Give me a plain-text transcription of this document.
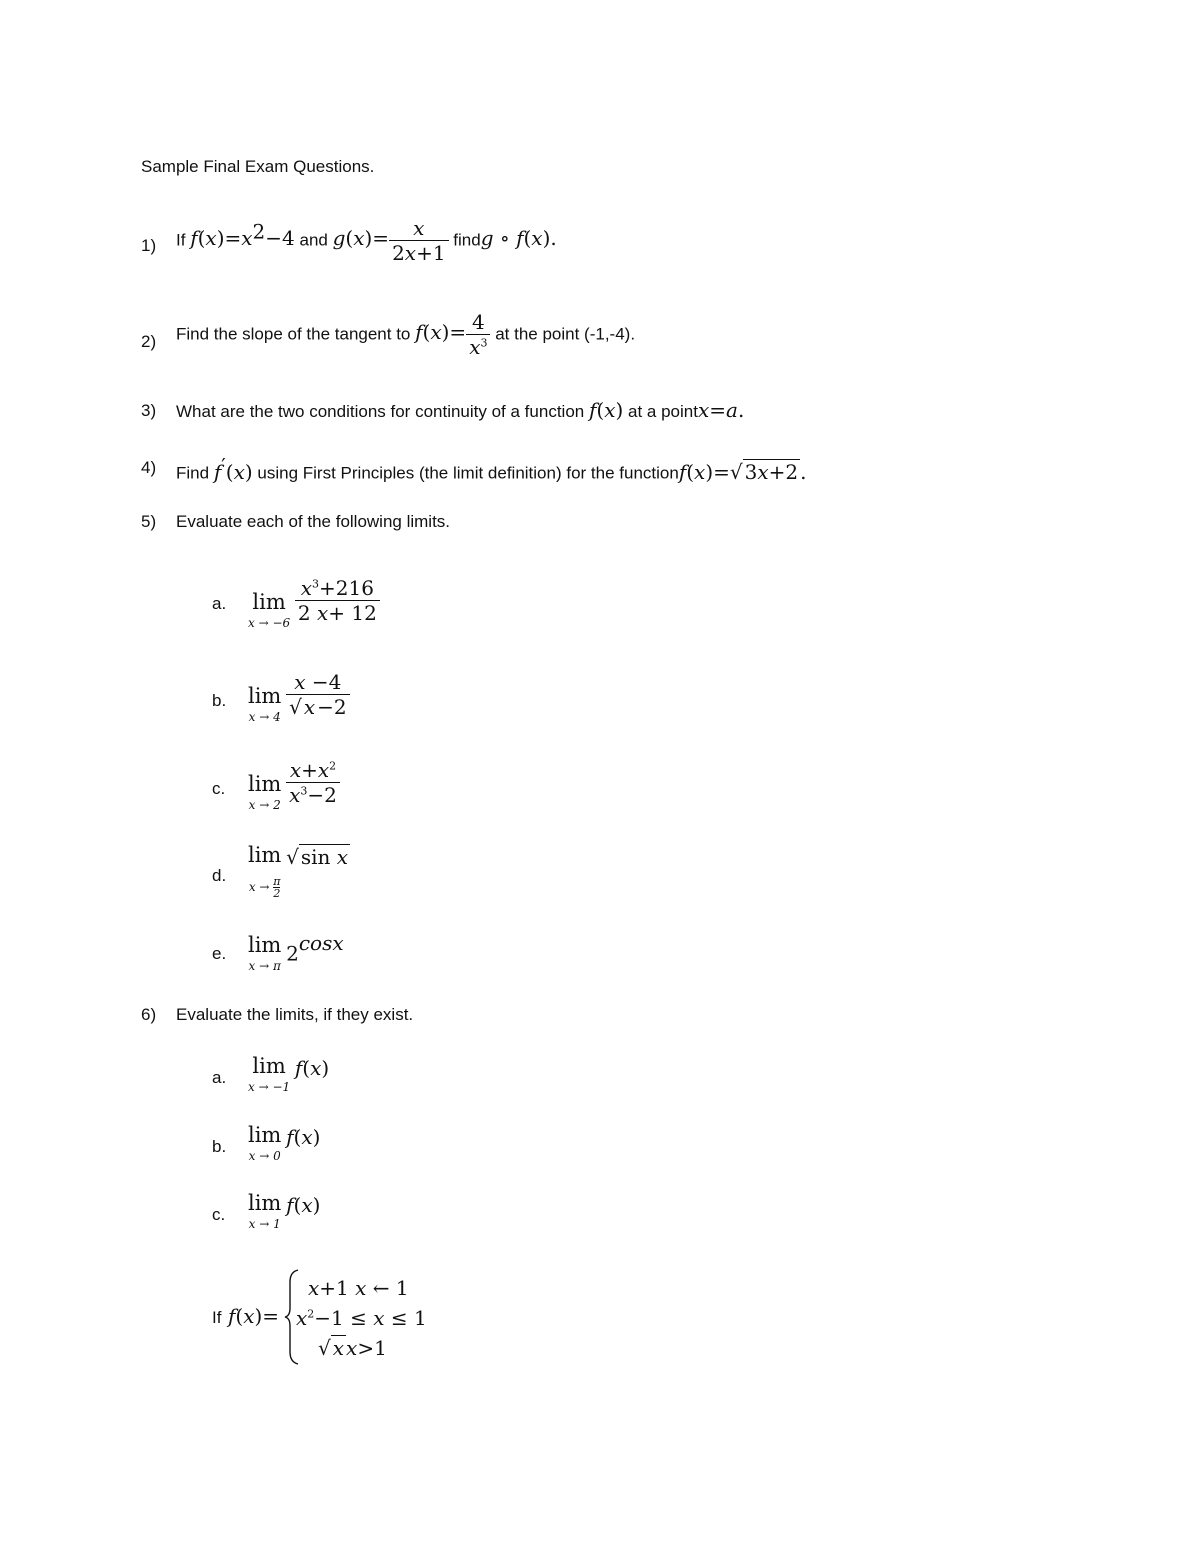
Sample Final Exam Questions.
1) If $f(x)=x^2-4$ and $g(x)= \frac{x}{2x+1}$ findg ∘ f(x).
2) Find the slope of the tangent to $f(x)= \frac{4}{x^3}$ at the point (-1,-4).
3) What are the two conditions for continuity of a function f(x) at a pointx=a.
4) Find f′(x) using First Principles (the limit definition) for the functionf(x)=√ 3x+2 .
5) Evaluate each of the following limits.
a. lim
x → −6
$\frac{x^3+216}{2 x+ 12}$
b. lim
x → 4
$\frac{x -4}{√ x -2}$
c. lim
x → 2
$\frac{x+x^2}{x^3-2}$
d.
lim
$x \to \frac{\pi}{2}$
√ sin x
e. lim
x → π
$2^{cosx}$
6) Evaluate the limits, if they exist.
a. lim
x → −1
f(x)
b. lim
x → 0
f(x)
c. lim
x → 1
f(x)
If f(x)=
x+1 x ← 1
$x^2-1 \le x \le 1$
√ x x>1
